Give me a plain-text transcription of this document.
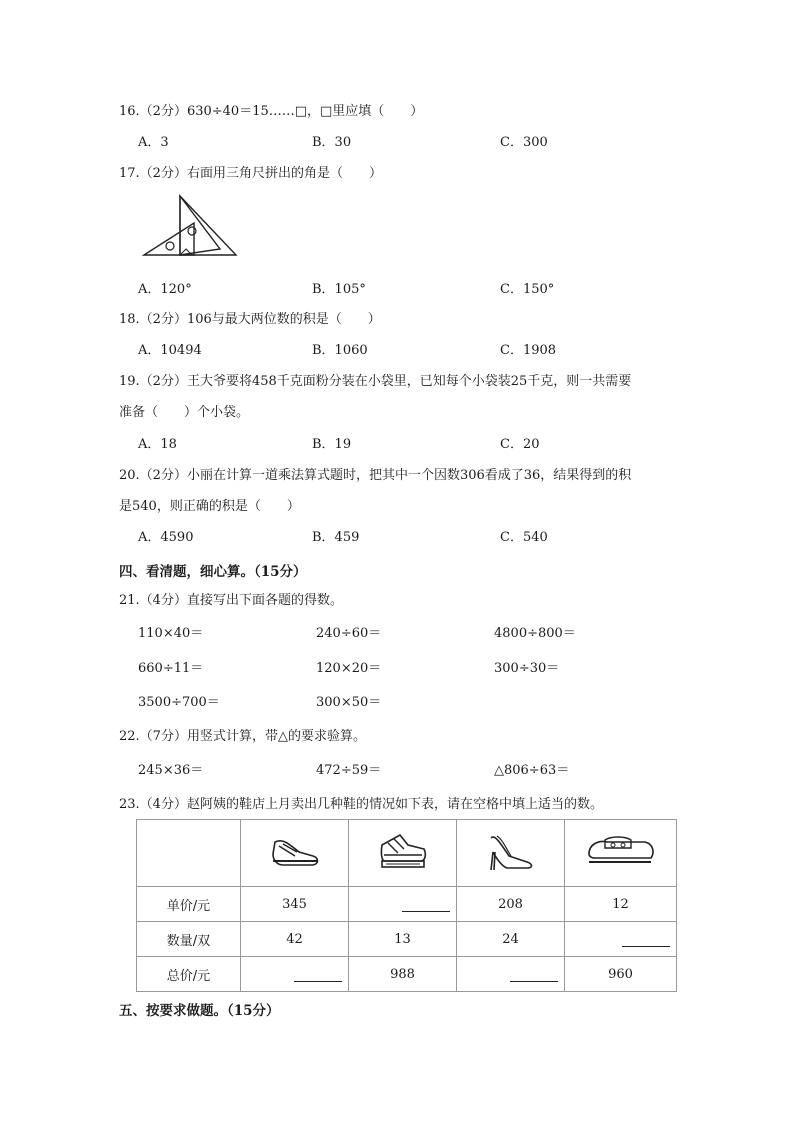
16.（2分）630÷40＝15……□，□里应填（　　）
A．3	B．30	C．300
17.（2分）右面用三角尺拼出的角是（　　）
A．120°	B．105°	C．150°
18.（2分）106与最大两位数的积是（　　）
A．10494	B．1060	C．1908
19.（2分）王大爷要将458千克面粉分装在小袋里，已知每个小袋装25千克，则一共需要
准备（　　）个小袋。
A．18	B．19	C．20
20.（2分）小丽在计算一道乘法算式题时，把其中一个因数306看成了36，结果得到的积
是540，则正确的积是（　　）
A．4590	B．459	C．540
四、看清题，细心算。（15分）
21.（4分）直接写出下面各题的得数。
110×40＝	240÷60＝	4800÷800＝
660÷11＝	120×20＝	300÷30＝
3500÷700＝	300×50＝
22.（7分）用竖式计算，带△的要求验算。
245×36＝	472÷59＝	△806÷63＝
23.（4分）赵阿姨的鞋店上月卖出几种鞋的情况如下表，请在空格中填上适当的数。

单价/元	345		208	12
数量/双	42	13	24	

总价/元		988		960
五、按要求做题。（15分）
